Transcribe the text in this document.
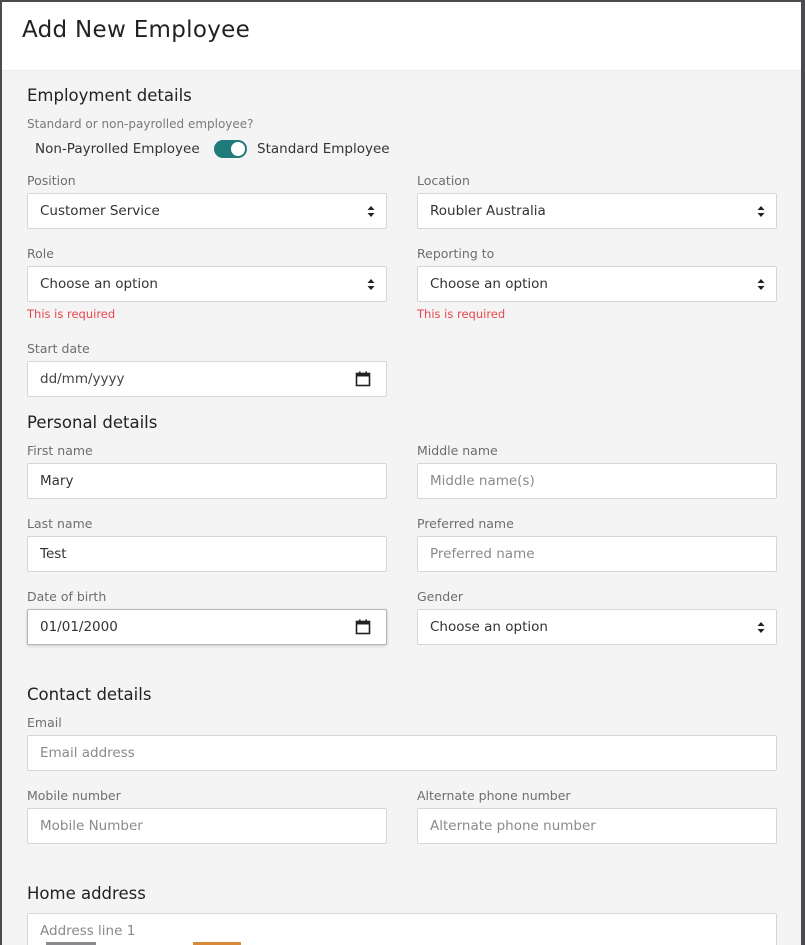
Add New Employee
Employment details
Standard or non-payrolled employee?
Non-Payrolled Employee	Standard Employee
Position
Customer Service
Location
Roubler Australia
Role
Choose an option
This is required
Reporting to
Choose an option
This is required
Start date
dd/mm/yyyy
Personal details
First name
Mary
Middle name
Middle name(s)
Last name
Test
Preferred name
Preferred name
Date of birth
01/01/2000
Gender
Choose an option
Contact details
Email
Email address
Mobile number
Mobile Number
Alternate phone number
Alternate phone number
Home address
Address line 1
